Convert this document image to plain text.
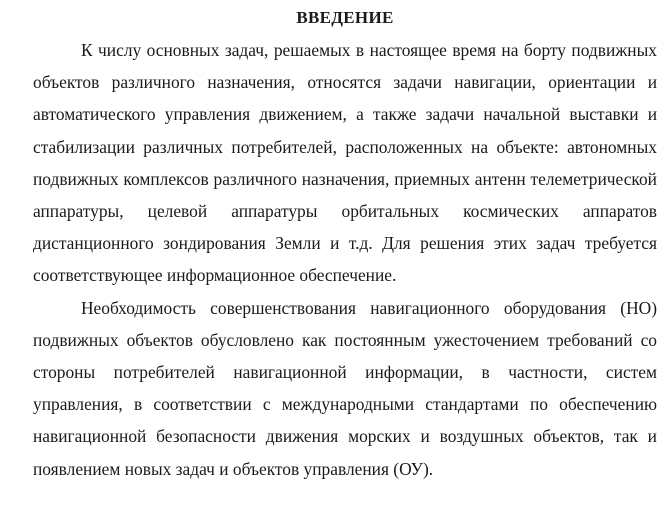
ВВЕДЕНИЕ

К числу основных задач, решаемых в настоящее время на борту подвижных объектов различного назначения, относятся задачи навигации, ориентации и автоматического управления движением, а также задачи начальной выставки и стабилизации различных потребителей, расположенных на объекте: автономных подвижных комплексов различного назначения, приемных антенн телеметрической аппаратуры, целевой аппаратуры орбитальных космических аппаратов дистанционного зондирования Земли и т.д. Для решения этих задач требуется соответствующее информационное обеспечение.

Необходимость совершенствования навигационного оборудования (НО) подвижных объектов обусловлено как постоянным ужесточением требований со стороны потребителей навигационной информации, в частности, систем управления, в соответствии с международными стандартами по обеспечению навигационной безопасности движения морских и воздушных объектов, так и появлением новых задач и объектов управления (ОУ).
